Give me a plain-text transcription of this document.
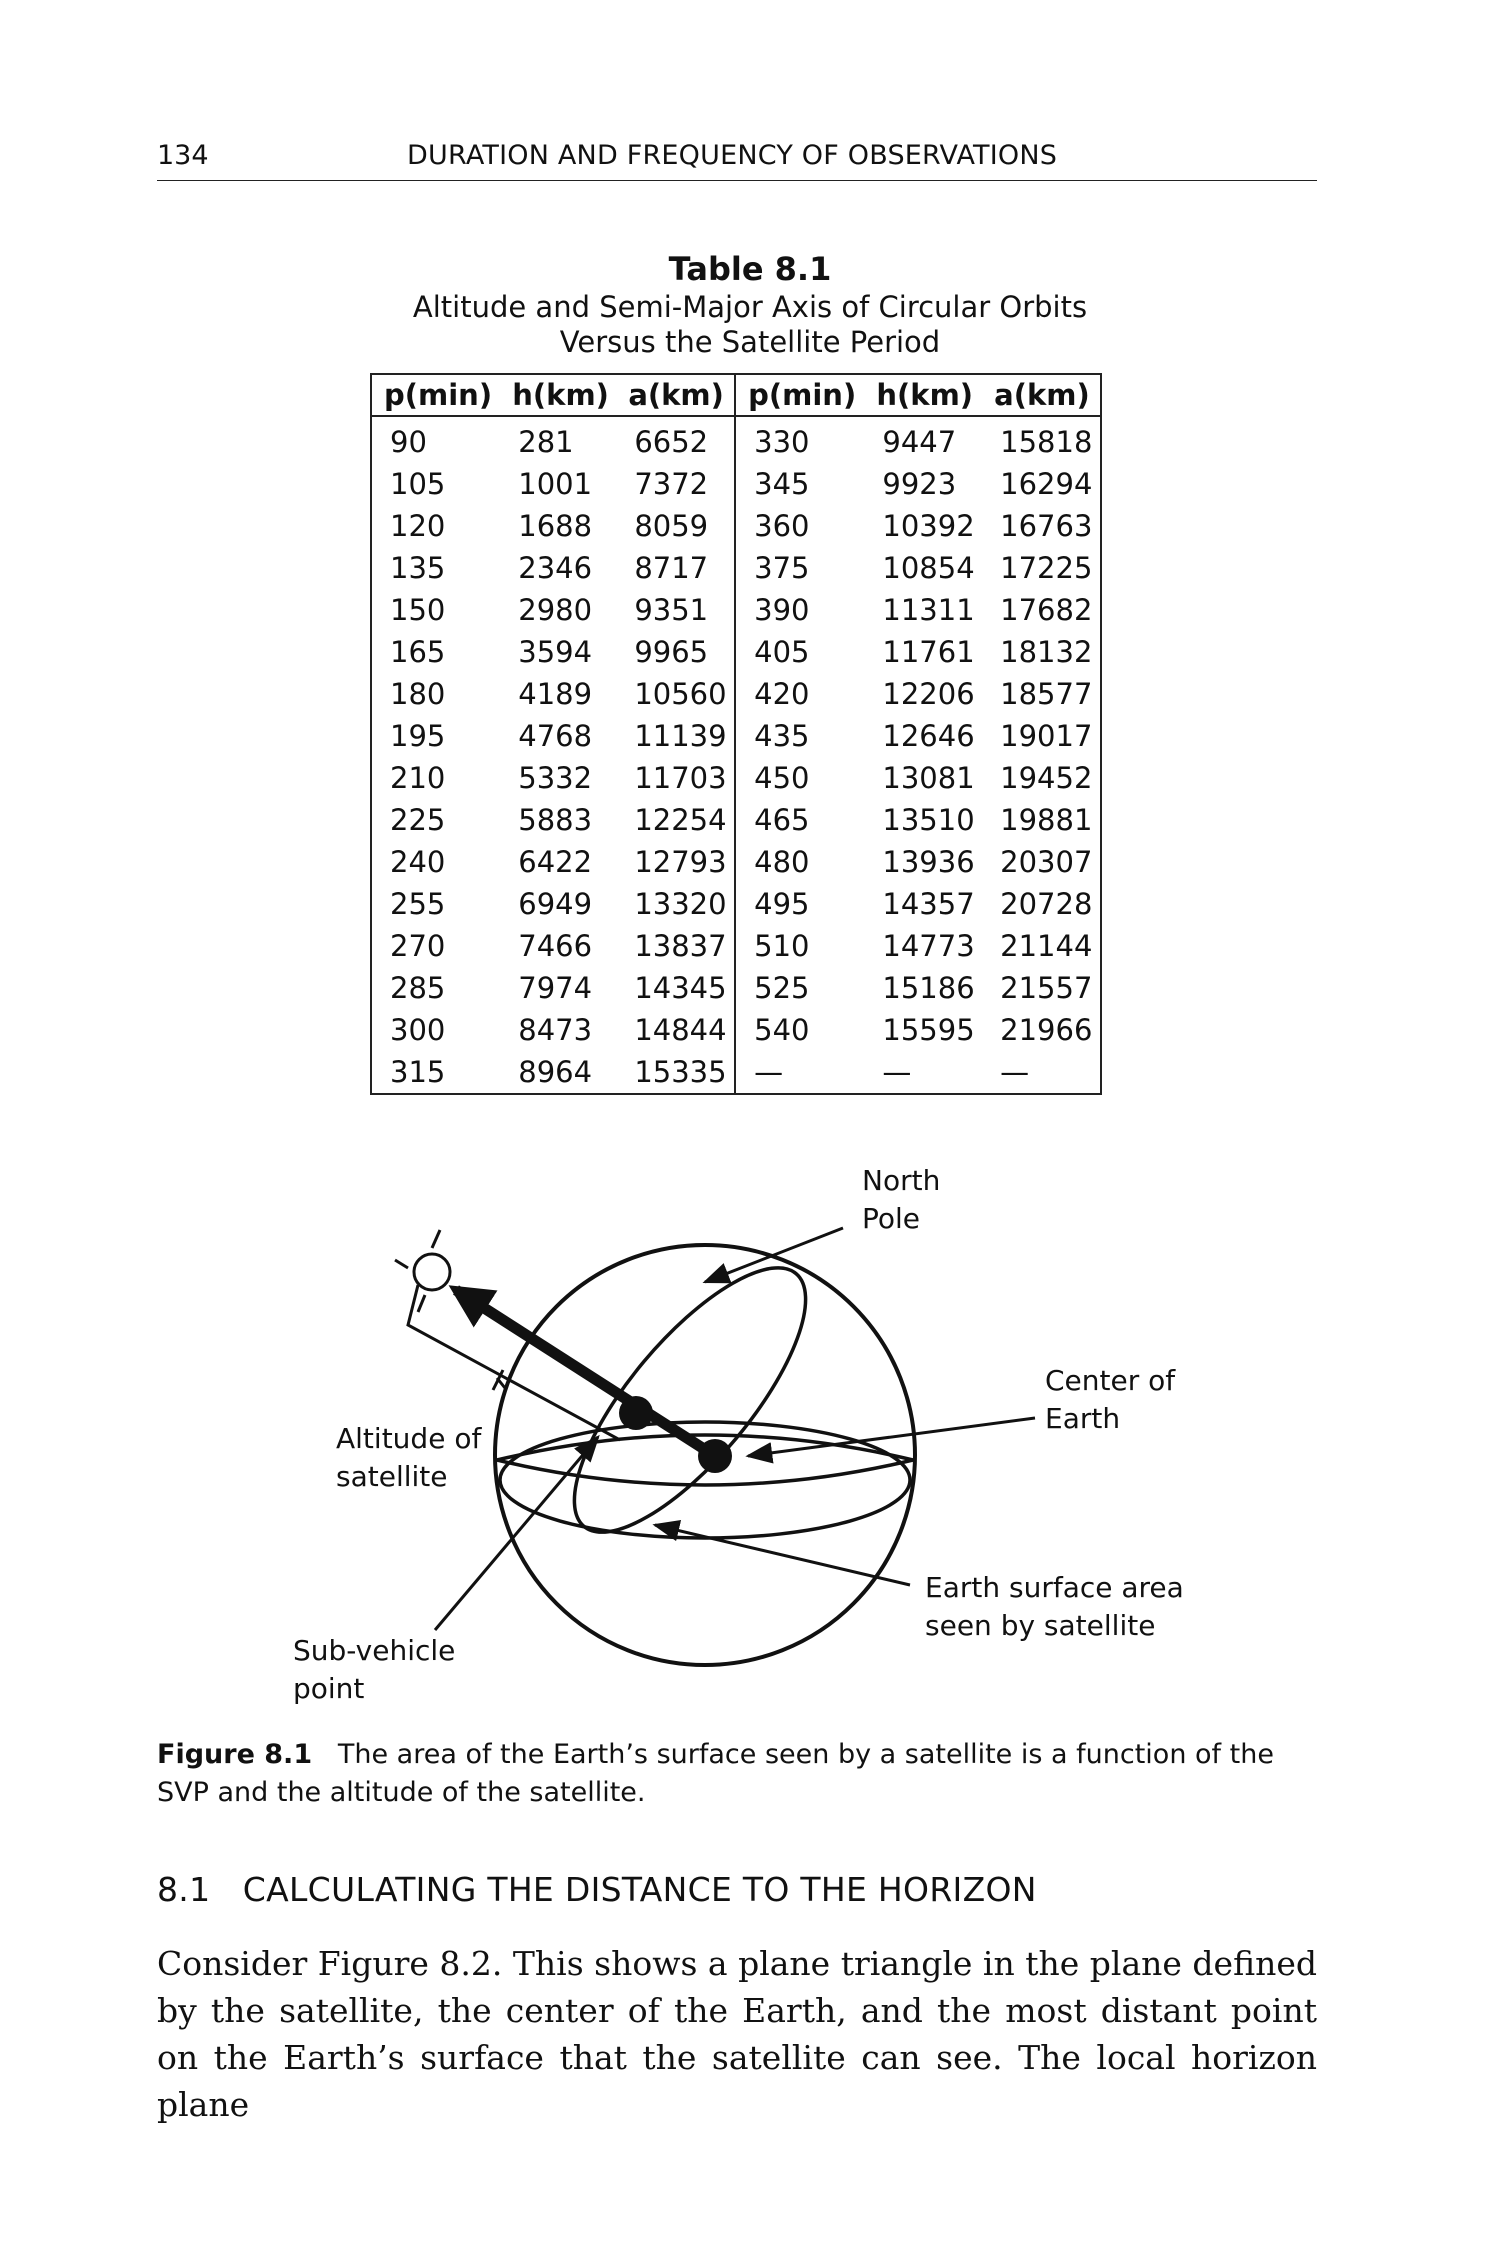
134	DURATION AND FREQUENCY OF OBSERVATIONS
Table 8.1
Altitude and Semi-Major Axis of Circular Orbits
Versus the Satellite Period
p(min)	h(km)	a(km)	p(min)	h(km)	a(km)
90	281	6652	330	9447	15818
105	1001	7372	345	9923	16294
120	1688	8059	360	10392	16763
135	2346	8717	375	10854	17225
150	2980	9351	390	11311	17682
165	3594	9965	405	11761	18132
180	4189	10560	420	12206	18577
195	4768	11139	435	12646	19017
210	5332	11703	450	13081	19452
225	5883	12254	465	13510	19881
240	6422	12793	480	13936	20307
255	6949	13320	495	14357	20728
270	7466	13837	510	14773	21144
285	7974	14345	525	15186	21557
300	8473	14844	540	15595	21966
315	8964	15335	—	—	—
North
Pole
Center of
Earth
Altitude of
satellite
Earth surface area
seen by satellite
Sub-vehicle
point
Figure 8.1 The area of the Earth’s surface seen by a satellite is a function of the SVP and the altitude of the satellite.
8.1 CALCULATING THE DISTANCE TO THE HORIZON
Consider Figure 8.2. This shows a plane triangle in the plane defined by the satellite, the center of the Earth, and the most distant point on the Earth’s surface that the satellite can see. The local horizon plane
